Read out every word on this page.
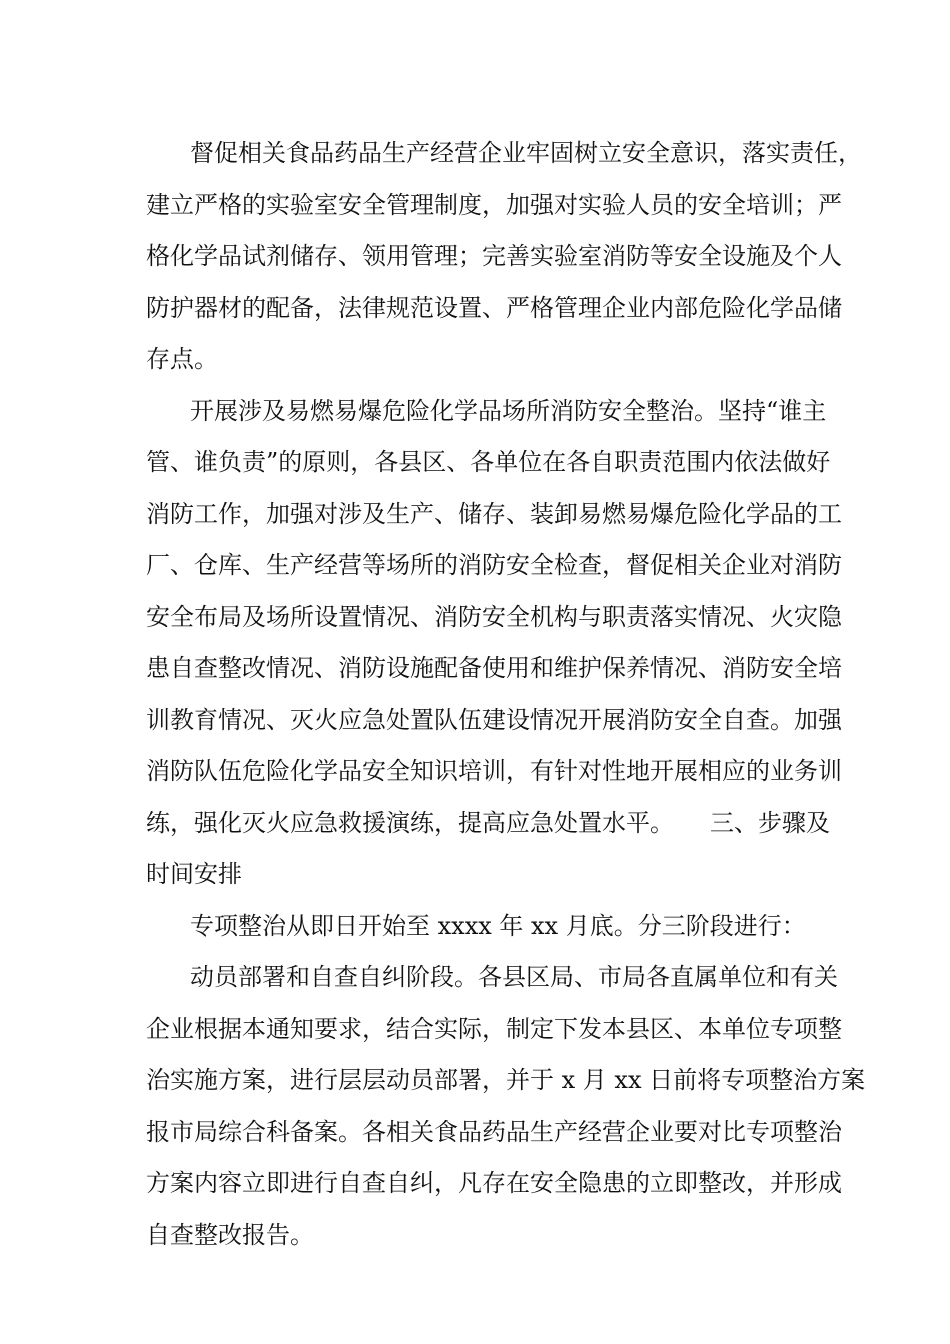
督促相关食品药品生产经营企业牢固树立安全意识，落实责任，
建立严格的实验室安全管理制度，加强对实验人员的安全培训；严
格化学品试剂储存、领用管理；完善实验室消防等安全设施及个人
防护器材的配备，法律规范设置、严格管理企业内部危险化学品储
存点。
开展涉及易燃易爆危险化学品场所消防安全整治。坚持“谁主
管、谁负责”的原则，各县区、各单位在各自职责范围内依法做好
消防工作，加强对涉及生产、储存、装卸易燃易爆危险化学品的工
厂、仓库、生产经营等场所的消防安全检查，督促相关企业对消防
安全布局及场所设置情况、消防安全机构与职责落实情况、火灾隐
患自查整改情况、消防设施配备使用和维护保养情况、消防安全培
训教育情况、灭火应急处置队伍建设情况开展消防安全自查。加强
消防队伍危险化学品安全知识培训，有针对性地开展相应的业务训
练，强化灭火应急救援演练，提高应急处置水平。　　三、步骤及
时间安排
专项整治从即日开始至 xxxx 年 xx 月底。分三阶段进行：
动员部署和自查自纠阶段。各县区局、市局各直属单位和有关
企业根据本通知要求，结合实际，制定下发本县区、本单位专项整
治实施方案，进行层层动员部署，并于 x 月 xx 日前将专项整治方案
报市局综合科备案。各相关食品药品生产经营企业要对比专项整治
方案内容立即进行自查自纠，凡存在安全隐患的立即整改，并形成
自查整改报告。
